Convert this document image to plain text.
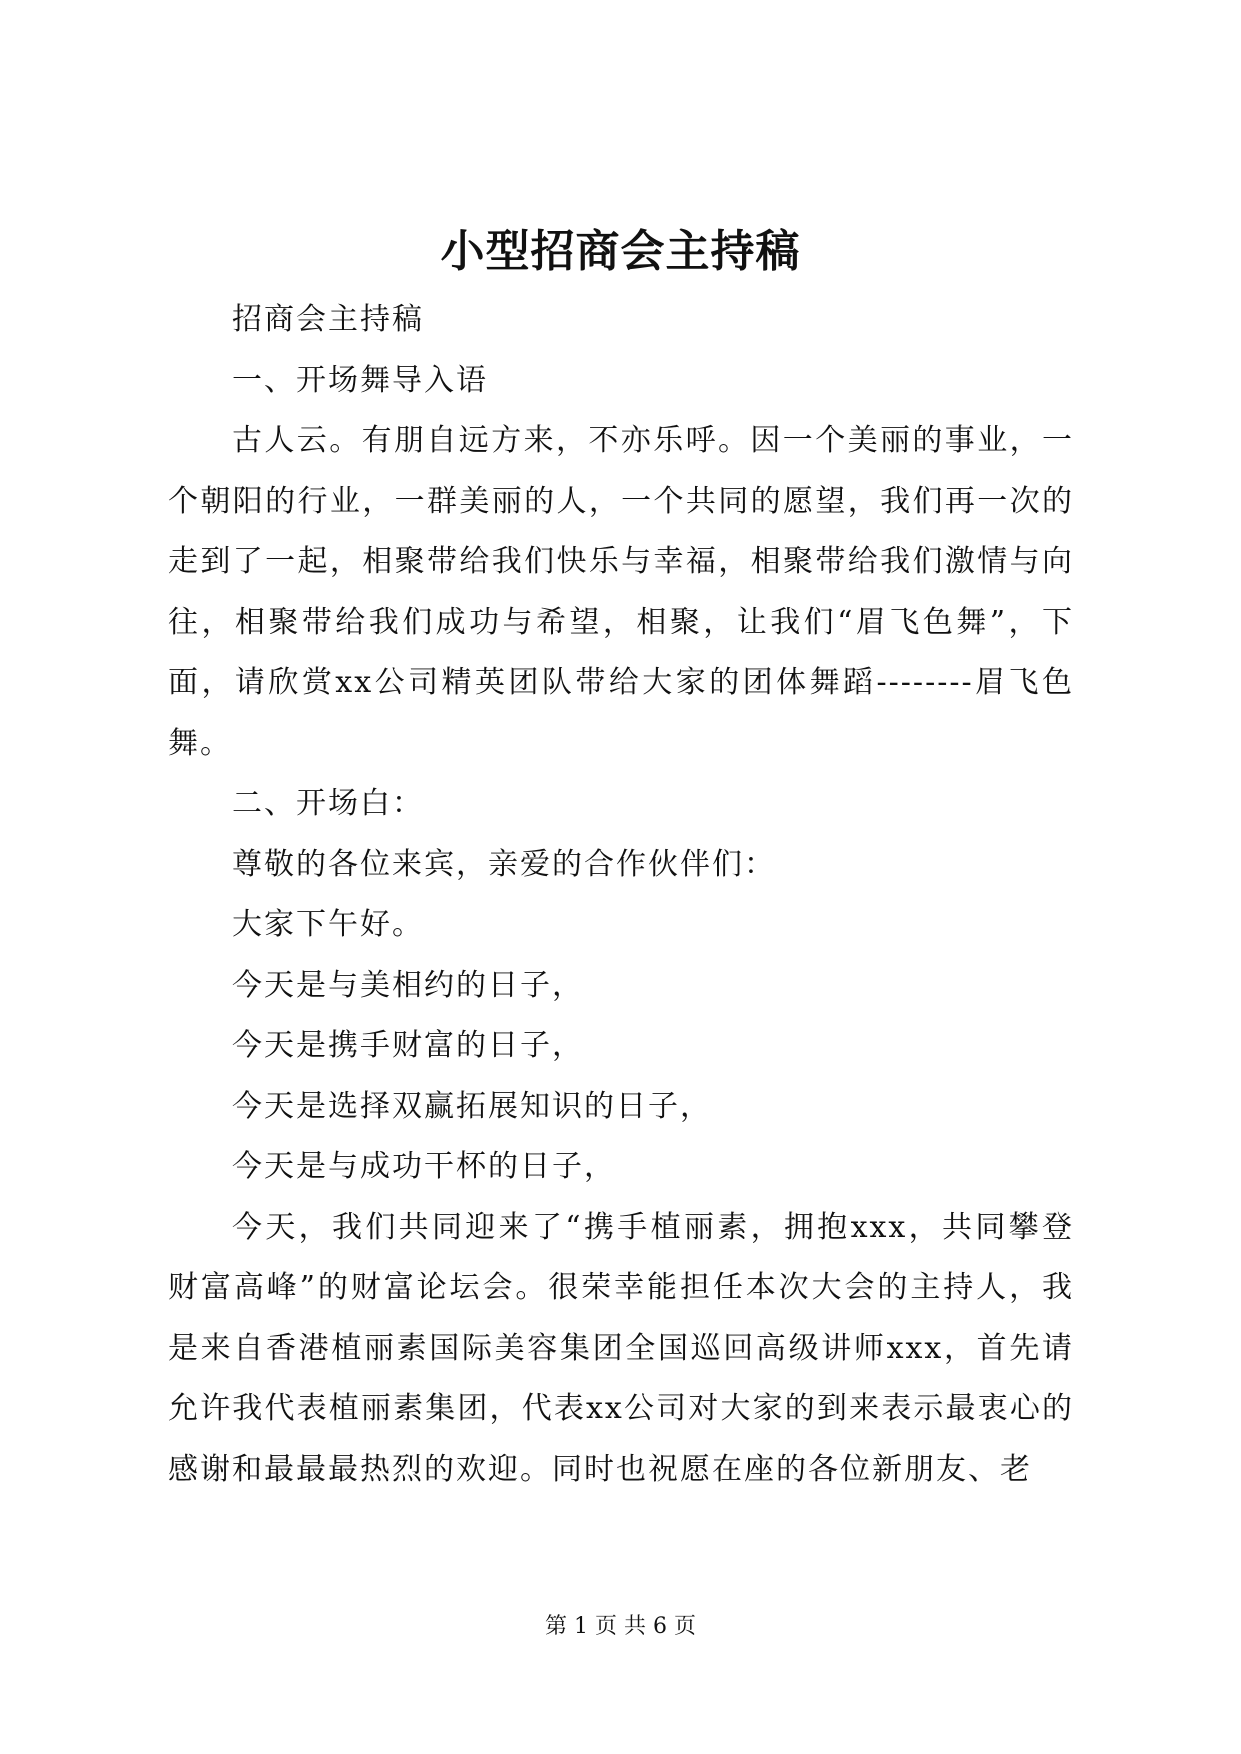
小型招商会主持稿

招商会主持稿

一、开场舞导入语

古人云。有朋自远方来，不亦乐呼。因一个美丽的事业，一个朝阳的行业，一群美丽的人，一个共同的愿望，我们再一次的走到了一起，相聚带给我们快乐与幸福，相聚带给我们激情与向往，相聚带给我们成功与希望，相聚，让我们“眉飞色舞”，下面，请欣赏xx公司精英团队带给大家的团体舞蹈--------眉飞色舞。

二、开场白：

尊敬的各位来宾，亲爱的合作伙伴们：

大家下午好。

今天是与美相约的日子，

今天是携手财富的日子，

今天是选择双赢拓展知识的日子，

今天是与成功干杯的日子，

今天，我们共同迎来了“携手植丽素，拥抱xxx，共同攀登财富高峰”的财富论坛会。很荣幸能担任本次大会的主持人，我是来自香港植丽素国际美容集团全国巡回高级讲师xxx，首先请允许我代表植丽素集团，代表xx公司对大家的到来表示最衷心的感谢和最最最热烈的欢迎。同时也祝愿在座的各位新朋友、老

第 1 页 共 6 页
